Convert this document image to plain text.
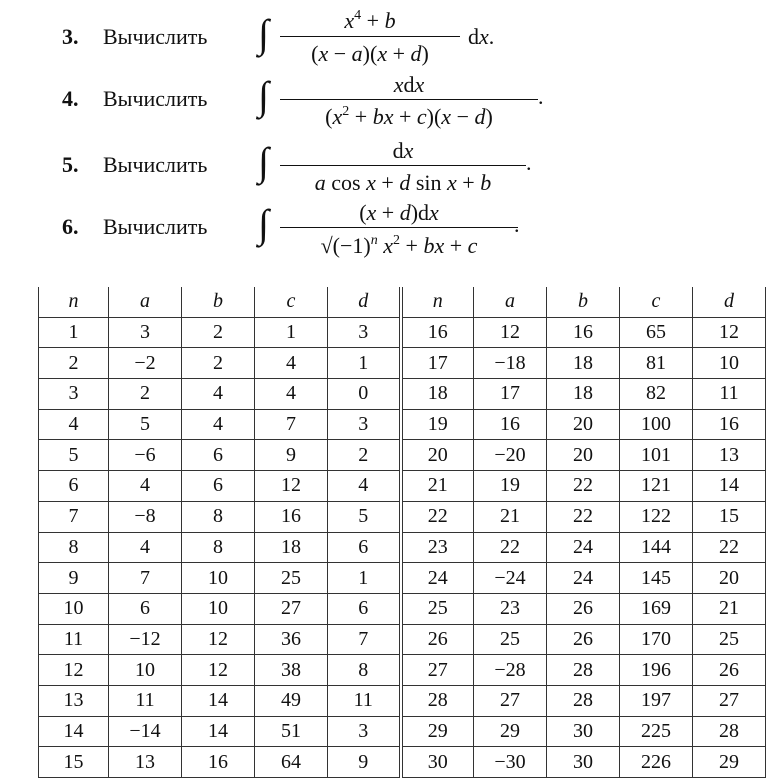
3. Вычислить ∫	$x^4 + b$
(x − a)(x + d)
dx.
4. Вычислить ∫	xdx
($x^2$ + bx + c)(x − d)
.
5. Вычислить ∫	dx
a cos x + d sin x + b
.
6. Вычислить ∫	(x + d)dx
$√(-1)^n$ $x^2$ + bx + c
.
n	a	b	c	d	n	a	b	c	d
1	3	2	1	3	16	12	16	65	12
2	−2	2	4	1	17	−18	18	81	10
3	2	4	4	0	18	17	18	82	11
4	5	4	7	3	19	16	20	100	16
5	−6	6	9	2	20	−20	20	101	13
6	4	6	12	4	21	19	22	121	14
7	−8	8	16	5	22	21	22	122	15
8	4	8	18	6	23	22	24	144	22
9	7	10	25	1	24	−24	24	145	20
10	6	10	27	6	25	23	26	169	21
11	−12	12	36	7	26	25	26	170	25
12	10	12	38	8	27	−28	28	196	26
13	11	14	49	11	28	27	28	197	27
14	−14	14	51	3	29	29	30	225	28
15	13	16	64	9	30	−30	30	226	29
